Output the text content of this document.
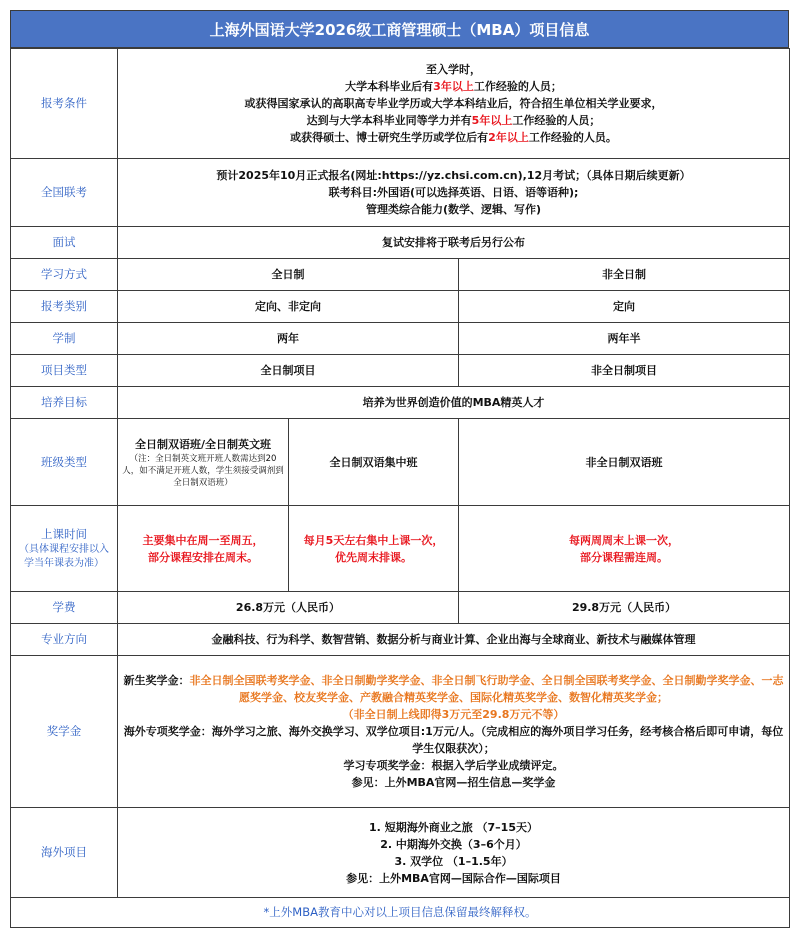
上海外国语大学2026级工商管理硕士（MBA）项目信息
报考条件	至入学时，
大学本科毕业后有3年以上工作经验的人员；
或获得国家承认的高职高专毕业学历或大学本科结业后，符合招生单位相关学业要求，
达到与大学本科毕业同等学力并有5年以上工作经验的人员；
或获得硕士、博士研究生学历或学位后有2年以上工作经验的人员。		

全国联考	预计2025年10月正式报名(网址:https://yz.chsi.com.cn),12月考试；（具体日期后续更新）
联考科目:外国语(可以选择英语、日语、语等语种);
管理类综合能力(数学、逻辑、写作)		

面试	复试安排将于联考后另行公布		
学习方式	全日制		非全日制
报考类别	定向、非定向		定向
学制	两年		两年半
项目类型	全日制项目		非全日制项目
培养目标	培养为世界创造价值的MBA精英人才		
班级类型	全日制双语班/全日制英文班
（注：全日制英文班开班人数需达到20人，如不满足开班人数，学生须接受调剂到全日制双语班）	全日制双语集中班	非全日制双语班

上课时间
（具体课程安排以入学当年课表为准）	主要集中在周一至周五，
部分课程安排在周末。	每月5天左右集中上课一次，
优先周末排课。	每两周周末上课一次，
部分课程需连周。

学费	26.8万元（人民币）		29.8万元（人民币）
专业方向	金融科技、行为科学、数智营销、数据分析与商业计算、企业出海与全球商业、新技术与融媒体管理		
奖学金	新生奖学金：非全日制全国联考奖学金、非全日制勤学奖学金、非全日制飞行助学金、全日制全国联考奖学金、全日制勤学奖学金、一志愿奖学金、校友奖学金、产教融合精英奖学金、国际化精英奖学金、数智化精英奖学金；
（非全日制上线即得3万元至29.8万元不等）
海外专项奖学金：海外学习之旅、海外交换学习、双学位项目:1万元/人。（完成相应的海外项目学习任务，经考核合格后即可申请，每位学生仅限获次）；
学习专项奖学金：根据入学后学业成绩评定。
参见：上外MBA官网—招生信息—奖学金		

海外项目	1. 短期海外商业之旅 （7–15天）
2. 中期海外交换（3–6个月）
3. 双学位 （1–1.5年）
参见：上外MBA官网—国际合作—国际项目		

*上外MBA教育中心对以上项目信息保留最终解释权。			
